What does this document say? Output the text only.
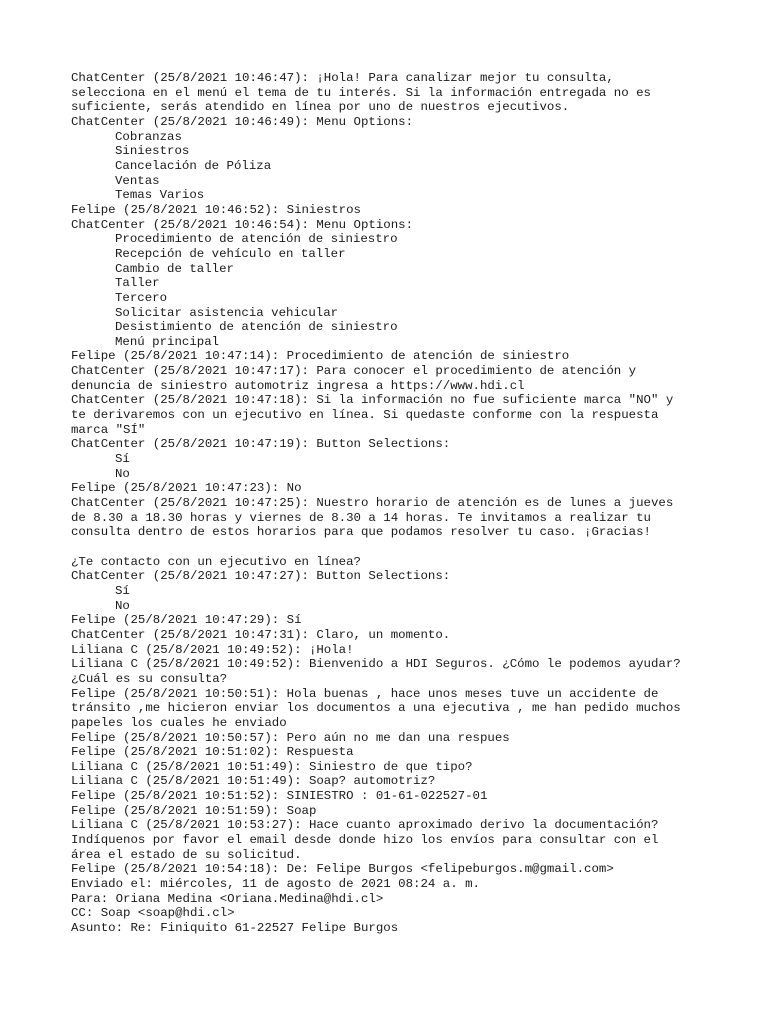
ChatCenter (25/8/2021 10:46:47): ¡Hola! Para canalizar mejor tu consulta,
selecciona en el menú el tema de tu interés. Si la información entregada no es
suficiente, serás atendido en línea por uno de nuestros ejecutivos.
ChatCenter (25/8/2021 10:46:49): Menu Options:
Cobranzas
Siniestros
Cancelación de Póliza
Ventas
Temas Varios
Felipe (25/8/2021 10:46:52): Siniestros
ChatCenter (25/8/2021 10:46:54): Menu Options:
Procedimiento de atención de siniestro
Recepción de vehículo en taller
Cambio de taller
Taller
Tercero
Solicitar asistencia vehicular
Desistimiento de atención de siniestro
Menú principal
Felipe (25/8/2021 10:47:14): Procedimiento de atención de siniestro
ChatCenter (25/8/2021 10:47:17): Para conocer el procedimiento de atención y
denuncia de siniestro automotriz ingresa a https://www.hdi.cl
ChatCenter (25/8/2021 10:47:18): Si la información no fue suficiente marca "NO" y
te derivaremos con un ejecutivo en línea. Si quedaste conforme con la respuesta
marca "SÍ"
ChatCenter (25/8/2021 10:47:19): Button Selections:
Sí
No
Felipe (25/8/2021 10:47:23): No
ChatCenter (25/8/2021 10:47:25): Nuestro horario de atención es de lunes a jueves
de 8.30 a 18.30 horas y viernes de 8.30 a 14 horas. Te invitamos a realizar tu
consulta dentro de estos horarios para que podamos resolver tu caso. ¡Gracias!
¿Te contacto con un ejecutivo en línea?
ChatCenter (25/8/2021 10:47:27): Button Selections:
Sí
No
Felipe (25/8/2021 10:47:29): Sí
ChatCenter (25/8/2021 10:47:31): Claro, un momento.
Liliana C (25/8/2021 10:49:52): ¡Hola!
Liliana C (25/8/2021 10:49:52): Bienvenido a HDI Seguros. ¿Cómo le podemos ayudar?
¿Cuál es su consulta?
Felipe (25/8/2021 10:50:51): Hola buenas , hace unos meses tuve un accidente de
tránsito ,me hicieron enviar los documentos a una ejecutiva , me han pedido muchos
papeles los cuales he enviado
Felipe (25/8/2021 10:50:57): Pero aún no me dan una respues
Felipe (25/8/2021 10:51:02): Respuesta
Liliana C (25/8/2021 10:51:49): Siniestro de que tipo?
Liliana C (25/8/2021 10:51:49): Soap? automotriz?
Felipe (25/8/2021 10:51:52): SINIESTRO : 01-61-022527-01
Felipe (25/8/2021 10:51:59): Soap
Liliana C (25/8/2021 10:53:27): Hace cuanto aproximado derivo la documentación?
Indíquenos por favor el email desde donde hizo los envíos para consultar con el
área el estado de su solicitud.
Felipe (25/8/2021 10:54:18): De: Felipe Burgos <felipeburgos.m@gmail.com>
Enviado el: miércoles, 11 de agosto de 2021 08:24 a. m.
Para: Oriana Medina <Oriana.Medina@hdi.cl>
CC: Soap <soap@hdi.cl>
Asunto: Re: Finiquito 61-22527 Felipe Burgos
